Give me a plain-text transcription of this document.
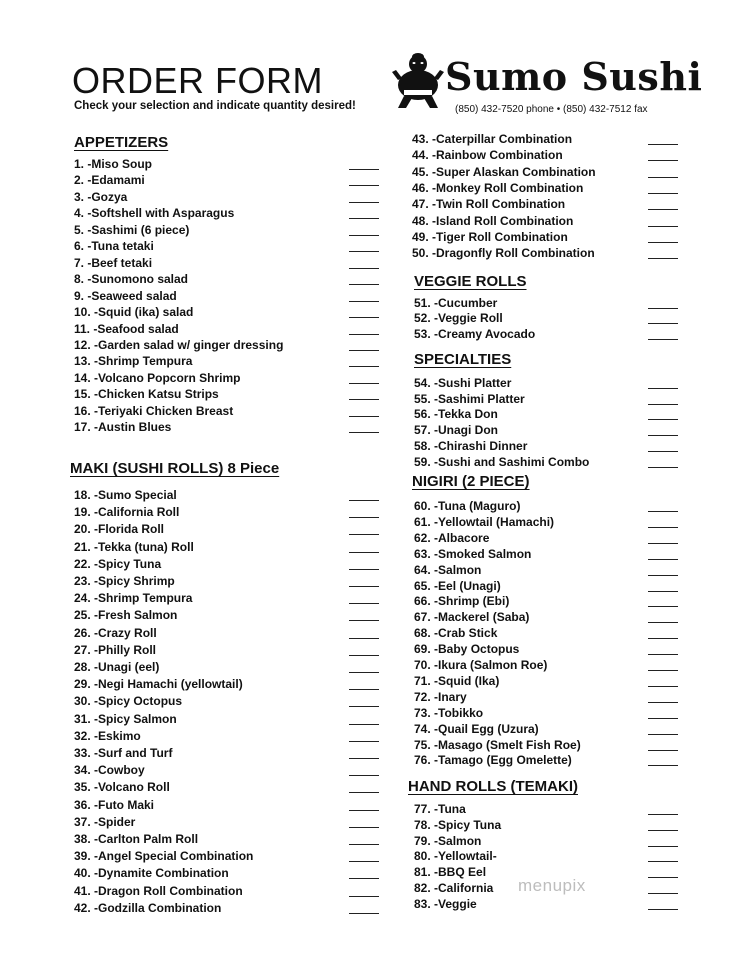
ORDER FORM
Check your selection and indicate quantity desired!
Sumo Sushi
(850) 432-7520 phone • (850) 432-7512 fax
APPETIZERS
1. -Miso Soup
2. -Edamami
3. -Gozya
4. -Softshell with Asparagus
5. -Sashimi (6 piece)
6. -Tuna tetaki
7. -Beef tetaki
8. -Sunomono salad
9. -Seaweed salad
10. -Squid (ika) salad
11. -Seafood salad
12. -Garden salad w/ ginger dressing
13. -Shrimp Tempura
14. -Volcano Popcorn Shrimp
15. -Chicken Katsu Strips
16. -Teriyaki Chicken Breast
17. -Austin Blues
MAKI (SUSHI ROLLS) 8 Piece
18. -Sumo Special
19. -California Roll
20. -Florida Roll
21. -Tekka (tuna) Roll
22. -Spicy Tuna
23. -Spicy Shrimp
24. -Shrimp Tempura
25. -Fresh Salmon
26. -Crazy Roll
27. -Philly Roll
28. -Unagi (eel)
29. -Negi Hamachi (yellowtail)
30. -Spicy Octopus
31. -Spicy Salmon
32. -Eskimo
33. -Surf and Turf
34. -Cowboy
35. -Volcano Roll
36. -Futo Maki
37. -Spider
38. -Carlton Palm Roll
39. -Angel Special Combination
40. -Dynamite Combination
41. -Dragon Roll Combination
42. -Godzilla Combination
43. -Caterpillar Combination
44. -Rainbow Combination
45. -Super Alaskan Combination
46. -Monkey Roll Combination
47. -Twin Roll Combination
48. -Island Roll Combination
49. -Tiger Roll Combination
50. -Dragonfly Roll Combination
VEGGIE ROLLS
51. -Cucumber
52. -Veggie Roll
53. -Creamy Avocado
SPECIALTIES
54. -Sushi Platter
55. -Sashimi Platter
56. -Tekka Don
57. -Unagi Don
58. -Chirashi Dinner
59. -Sushi and Sashimi Combo
NIGIRI (2 PIECE)
60. -Tuna (Maguro)
61. -Yellowtail (Hamachi)
62. -Albacore
63. -Smoked Salmon
64. -Salmon
65. -Eel (Unagi)
66. -Shrimp (Ebi)
67. -Mackerel (Saba)
68. -Crab Stick
69. -Baby Octopus
70. -Ikura (Salmon Roe)
71. -Squid (Ika)
72. -Inary
73. -Tobikko
74. -Quail Egg (Uzura)
75. -Masago (Smelt Fish Roe)
76. -Tamago (Egg Omelette)
HAND ROLLS (TEMAKI)
77. -Tuna
78. -Spicy Tuna
79. -Salmon
80. -Yellowtail-
81. -BBQ Eel
82. -California
83. -Veggie
menupix
